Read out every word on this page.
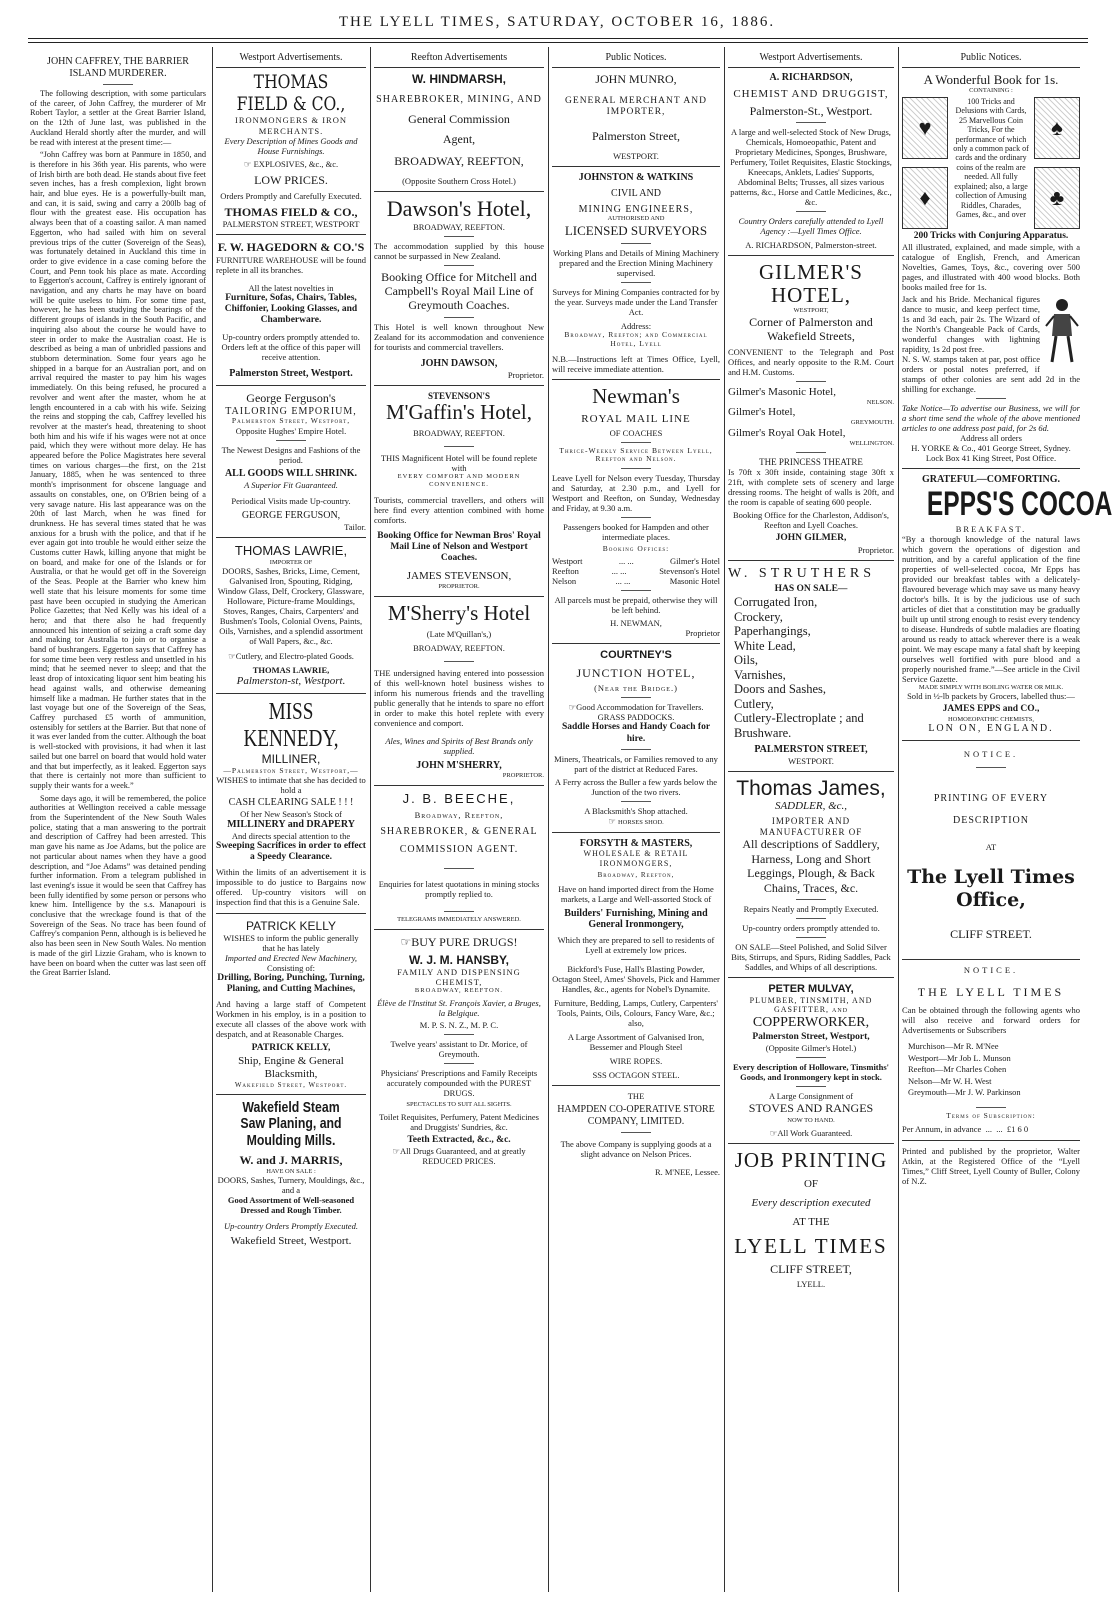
THE LYELL TIMES, SATURDAY, OCTOBER 16, 1886.
JOHN CAFFREY, THE BARRIER ISLAND MURDERER.

The following description, with some particulars of the career, of John Caffrey, the murderer of Mr Robert Taylor, a settler at the Great Barrier Island, on the 12th of June last, was published in the Auckland Herald shortly after the murder, and will be read with interest at the present time:—

“John Caffrey was born at Panmure in 1850, and is therefore in his 36th year. His parents, who were of Irish birth are both dead. He stands about five feet seven inches, has a fresh complexion, light brown hair, and blue eyes. He is a powerfully-built man, and can, it is said, swing and carry a 200lb bag of flour with the greatest ease. His occupation has always been that of a coasting sailor. A man named Eggerton, who had sailed with him on several previous trips of the cutter (Sovereign of the Seas), was fortunately detained in Auckland this time in order to give evidence in a case coming before the Court, and Penn took his place as mate. According to Eggerton's account, Caffrey is entirely ignorant of navigation, and any charts he may have on board will be quite useless to him. For some time past, however, he has been studying the bearings of the different groups of islands in the South Pacific, and inquiring also about the course he would have to steer in order to make the Australian coast. He is described as being a man of unbridled passions and stubborn determination. Some four years ago he shipped in a barque for an Australian port, and on arrival required the master to pay him his wages immediately. On this being refused, he procured a revolver and went after the master, whom he at length encountered in a cab with his wife. Seizing the reins and stopping the cab, Caffrey levelled his revolver at the master's head, threatening to shoot both him and his wife if his wages were not at once paid, which they were without more delay. He has appeared before the Police Magistrates here several times on various charges—the first, on the 21st January, 1885, when he was sentenced to three month's imprisonment for obscene language and assaults on constables, one, on O'Brien being of a very savage nature. His last appearance was on the 20th of last March, when he was fined for drunkness. He has several times stated that he was anxious for a brush with the police, and that if he ever again got into trouble he would either seize the Customs cutter Hawk, killing anyone that might be on board, and make for one of the Islands or for Australia, or that he would get off in the Sovereign of the Seas. People at the Barrier who knew him well state that his leisure moments for some time past have been occupied in studying the American Police Gazettes; that Ned Kelly was his ideal of a hero; and that there also he had frequently announced his intention of seizing a craft some day and making tor Australia to join or to organise a band of bushrangers. Eggerton says that Caffrey has for some time been very restless and unsettled in his mind; that he seemed never to sleep; and that the least drop of intoxicating liquor sent him beating his head against walls, and otherwise demeaning himself like a madman. He further states that in the last voyage but one of the Sovereign of the Seas, Caffrey purchased £5 worth of ammunition, ostensibly for settlers at the Barrier. But that none of it was ever landed from the cutter. Although the boat is well-stocked with provisions, it had when it last sailed but one barrel on board that would hold water and that but imperfectly, as it leaked. Eggerton says that there is certainly not more than sufficient to supply their wants for a week.”

Some days ago, it will be remembered, the police authorities at Wellington received a cable message from the Superintendent of the New South Wales police, stating that a man answering to the portrait and description of Caffrey had been arrested. This man gave his name as Joe Adams, but the police are not particular about names when they have a good description, and “Joe Adams” was detained pending further information. From a telegram published in last evening's issue it would be seen that Caffrey has been fully identified by some person or persons who knew him. Intelligence by the s.s. Manapouri is conclusive that the wreckage found is that of the Sovereign of the Seas. No trace has been found of Caffrey's companion Penn, although is is believed he also has been seen in New South Wales. No mention is made of the girl Lizzie Graham, who is known to have been on board when the cutter was last seen off the Great Barrier Island.

Westport Advertisements.
THOMAS FIELD & CO.,
IRONMONGERS & IRON MERCHANTS.
Every Description of Mines Goods and House Furnishings.
☞ EXPLOSIVES, &c., &c.
LOW PRICES.
Orders Promptly and Carefully Executed.
THOMAS FIELD & CO.,
PALMERSTON STREET, WESTPORT
F. W. HAGEDORN & CO.'S
FURNITURE WAREHOUSE will be found replete in all its branches.
All the latest novelties in
Furniture, Sofas, Chairs, Tables, Chiffonier, Looking Glasses, and Chamberware.
Up-country orders promptly attended to. Orders left at the office of this paper will receive attention.
Palmerston Street, Westport.
George Ferguson's
TAILORING EMPORIUM,
Palmerston Street, Westport,
Opposite Hughes' Empire Hotel.
The Newest Designs and Fashions of the period.
ALL GOODS WILL SHRINK.
A Superior Fit Guaranteed.
Periodical Visits made Up-country.
GEORGE FERGUSON,
Tailor.
THOMAS LAWRIE,
IMPORTER OF
DOORS, Sashes, Bricks, Lime, Cement, Galvanised Iron, Spouting, Ridging, Window Glass, Delf, Crockery, Glassware, Holloware, Picture-frame Mouldings, Stoves, Ranges, Chairs, Carpenters' and Bushmen's Tools, Colonial Ovens, Paints, Oils, Varnishes, and a splendid assortment of Wall Papers, &c., &c.
☞Cutlery, and Electro-plated Goods.
THOMAS LAWRIE,
Palmerston-st, Westport.
MISS KENNEDY,
MILLINER,
—Palmerston Street, Westport,—
WISHES to intimate that she has decided to hold a
CASH CLEARING SALE ! ! !
Of her New Season's Stock of
MILLINERY and DRAPERY
And directs special attention to the
Sweeping Sacrifices in order to effect a Speedy Clearance.
Within the limits of an advertisement it is impossible to do justice to Bargains now offered. Up-country visitors will on inspection find that this is a Genuine Sale.
PATRICK KELLY
WISHES to inform the public generally that he has lately
Imported and Erected New Machinery,
Consisting of:
Drilling, Boring, Punching, Turning, Planing, and Cutting Machines,
And having a large staff of Competent Workmen in his employ, is in a position to execute all classes of the above work with despatch, and at Reasonable Charges.
PATRICK KELLY,
Ship, Engine & General Blacksmith,
Wakefield Street, Westport.
Wakefield Steam Saw Planing, and Moulding Mills.
W. and J. MARRIS,
HAVE ON SALE :
DOORS, Sashes, Turnery, Mouldings, &c., and a
Good Assortment of Well-seasoned Dressed and Rough Timber.
Up-country Orders Promptly Executed.
Wakefield Street, Westport.
Reefton Advertisements
W. HINDMARSH,
SHAREBROKER, MINING, AND
General Commission
Agent,
BROADWAY, REEFTON,
(Opposite Southern Cross Hotel.)
Dawson's Hotel,
BROADWAY, REEFTON.
The accommodation supplied by this house cannot be surpassed in New Zealand.
Booking Office for Mitchell and Campbell's Royal Mail Line of Greymouth Coaches.
This Hotel is well known throughout New Zealand for its accommodation and convenience for tourists and commercial travellers.
JOHN DAWSON,
Proprietor.
STEVENSON'S
M'Gaffin's Hotel,
BROADWAY, REEFTON.
THIS Magnificent Hotel will be found replete with
EVERY COMFORT AND MODERN CONVENIENCE.
Tourists, commercial travellers, and others will here find every attention combined with home comforts.
Booking Office for Newman Bros' Royal Mail Line of Nelson and Westport Coaches.
JAMES STEVENSON,
PROPRIETOR.
M'Sherry's Hotel
(Late M'Quillan's,)
BROADWAY, REEFTON.
THE undersigned having entered into possession of this well-known hotel business wishes to inform his numerous friends and the travelling public generally that he intends to spare no effort in order to make this hotel replete with every convenience and comport.
Ales, Wines and Spirits of Best Brands only supplied.
JOHN M'SHERRY,
PROPRIETOR.
J. B. BEECHE,
Broadway, Reefton,
SHAREBROKER, & GENERAL
COMMISSION AGENT.
Enquiries for latest quotations in mining stocks promptly replied to.
TELEGRAMS IMMEDIATELY ANSWERED.
☞BUY PURE DRUGS!
W. J. M. HANSBY,
FAMILY AND DISPENSING CHEMIST,
BROADWAY, REEFTON.
Élève de l'Institut St. François Xavier, a Bruges, la Belgique.
M. P. S. N. Z., M. P. C.
Twelve years' assistant to Dr. Morice, of Greymouth.
Physicians' Prescriptions and Family Receipts accurately compounded with the PUREST DRUGS.
SPECTACLES TO SUIT ALL SIGHTS.
Toilet Requisites, Perfumery, Patent Medicines and Druggists' Sundries, &c.
Teeth Extracted, &c., &c.
☞All Drugs Guaranteed, and at greatly REDUCED PRICES.
Public Notices.
JOHN MUNRO,
GENERAL MERCHANT AND IMPORTER,
Palmerston Street,
WESTPORT.
JOHNSTON & WATKINS
CIVIL AND
MINING ENGINEERS,
AUTHORISED AND
LICENSED SURVEYORS
Working Plans and Details of Mining Machinery prepared and the Erection Mining Machinery supervised.
Surveys for Mining Companies contracted for by the year. Surveys made under the Land Transfer Act.
Address:
Broadway, Reefton; and Commercial Hotel, Lyell
N.B.—Instructions left at Times Office, Lyell, will receive immediate attention.
Newman's
ROYAL MAIL LINE
OF COACHES
Thrice-Weekly Service Between Lyell, Reefton and Nelson.
Leave Lyell for Nelson every Tuesday, Thursday and Saturday, at 2.30 p.m., and Lyell for Westport and Reefton, on Sunday, Wednesday and Friday, at 9.30 a.m.
Passengers booked for Hampden and other intermediate places.
Booking Offices:
Westport	... ...	Gilmer's Hotel
Reefton	... ...	Stevenson's Hotel
Nelson	... ...	Masonic Hotel
All parcels must be prepaid, otherwise they will be left behind.
H. NEWMAN,
Proprietor
COURTNEY'S
JUNCTION HOTEL,
(Near the Bridge.)
☞Good Accommodation for Travellers.
GRASS PADDOCKS.
Saddle Horses and Handy Coach for hire.
Miners, Theatricals, or Families removed to any part of the district at Reduced Fares.
A Ferry across the Buller a few yards below the Junction of the two rivers.
A Blacksmith's Shop attached.
☞ HORSES SHOD.
FORSYTH & MASTERS,
WHOLESALE & RETAIL IRONMONGERS,
Broadway, Reefton,
Have on hand imported direct from the Home markets, a Large and Well-assorted Stock of
Builders' Furnishing, Mining and General Ironmongery,
Which they are prepared to sell to residents of Lyell at extremely low prices.
Bickford's Fuse, Hall's Blasting Powder, Octagon Steel, Ames' Shovels, Pick and Hammer Handles, &c., agents for Nobel's Dynamite.
Furniture, Bedding, Lamps, Cutlery, Carpenters' Tools, Paints, Oils, Colours, Fancy Ware, &c.; also,
A Large Assortment of Galvanised Iron, Bessemer and Plough Steel
WIRE ROPES.
SSS OCTAGON STEEL.
THE
HAMPDEN CO-OPERATIVE STORE COMPANY, LIMITED.
The above Company is supplying goods at a slight advance on Nelson Prices.
R. M'NEE, Lessee.
Westport Advertisements.
A. RICHARDSON,
CHEMIST AND DRUGGIST,
Palmerston-St., Westport.
A large and well-selected Stock of New Drugs, Chemicals, Homoeopathic, Patent and Proprietary Medicines, Sponges, Brushware, Perfumery, Toilet Requisites, Elastic Stockings, Kneecaps, Anklets, Ladies' Supports, Abdominal Belts; Trusses, all sizes various patterns, &c., Horse and Cattle Medicines, &c., &c.
Country Orders carefully attended to Lyell Agency :—Lyell Times Office.
A. RICHARDSON, Palmerston-street.
GILMER'S HOTEL,
WESTPORT,
Corner of Palmerston and Wakefield Streets,
CONVENIENT to the Telegraph and Post Offices, and nearly opposite to the R.M. Court and H.M. Customs.
Gilmer's Masonic Hotel,
NELSON.
Gilmer's Hotel,
GREYMOUTH.
Gilmer's Royal Oak Hotel,
WELLINGTON.
THE PRINCESS THEATRE
Is 70ft x 30ft inside, containing stage 30ft x 21ft, with complete sets of scenery and large dressing rooms. The height of walls is 20ft, and the room is capable of seating 600 people.
Booking Office for the Charleston, Addison's, Reefton and Lyell Coaches.
JOHN GILMER,
Proprietor.
W. STRUTHERS
HAS ON SALE—
Corrugated Iron,
Crockery,
Paperhangings,
White Lead,
Oils,
Varnishes,
Doors and Sashes,
Cutlery,
Cutlery-Electroplate ; and
Brushware.
PALMERSTON STREET,
WESTPORT.
Thomas James,
SADDLER, &c.,
IMPORTER AND MANUFACTURER OF
All descriptions of Saddlery, Harness, Long and Short Leggings, Plough, & Back Chains, Traces, &c.
Repairs Neatly and Promptly Executed.
Up-country orders promptly attended to.
ON SALE—Steel Polished, and Solid Silver Bits, Stirrups, and Spurs, Riding Saddles, Pack Saddles, and Whips of all descriptions.
PETER MULVAY,
PLUMBER, TINSMITH, AND GASFITTER, and
COPPERWORKER,
Palmerston Street, Westport,
(Opposite Gilmer's Hotel.)
Every description of Holloware, Tinsmiths' Goods, and Ironmongery kept in stock.
A Large Consignment of
STOVES AND RANGES
NOW TO HAND.
☞All Work Guaranteed.
JOB PRINTING
OF
Every description executed
AT THE
LYELL TIMES
CLIFF STREET,
LYELL.
Public Notices.
A Wonderful Book for 1s.
CONTAINING :
♥
♦
100 Tricks and Delusions with Cards, 25 Marvellous Coin Tricks, For the performance of which only a common pack of cards and the ordinary coins of the realm are needed. All fully explained; also, a large collection of Amusing Riddles, Charades, Games, &c., and over
♠
♣
200 Tricks with Conjuring Apparatus.
All illustrated, explained, and made simple, with a catalogue of English, French, and American Novelties, Games, Toys, &c., covering over 500 pages, and illustrated with 400 wood blocks. Both books mailed free for 1s.
Jack and his Bride. Mechanical figures dance to music, and keep perfect time, 1s and 3d each, pair 2s. The Wizard of the North's Changeable Pack of Cards, wonderful changes with lightning rapidity, 1s 2d post free.
N. S. W. stamps taken at par, post office orders or postal notes preferred, if stamps of other colonies are sent add 2d in the shilling for exchange.
Take Notice—To advertise our Business, we will for a short time send the whole of the above mentioned articles to one address post paid, for 2s 6d.
Address all orders
H. YORKE & Co., 401 George Street, Sydney.
Lock Box 41 King Street, Post Office.
GRATEFUL—COMFORTING.
EPPS'S COCOA
BREAKFAST.
“By a thorough knowledge of the natural laws which govern the operations of digestion and nutrition, and by a careful application of the fine properties of well-selected cocoa, Mr Epps has provided our breakfast tables with a delicately-flavoured beverage which may save us many heavy doctor's bills. It is by the judicious use of such articles of diet that a constitution may be gradually built up until strong enough to resist every tendency to disease. Hundreds of subtle maladies are floating around us ready to attack wherever there is a weak point. We may escape many a fatal shaft by keeping ourselves well fortified with pure blood and a properly nourished frame.”—See article in the Civil Service Gazette.
MADE SIMPLY WITH BOILING WATER OR MILK.
Sold in ½-lb packets by Grocers, labelled thus:—
JAMES EPPS and CO.,
HOMOEOPATHIC CHEMISTS,
LON ON, ENGLAND.
NOTICE.
PRINTING OF EVERY DESCRIPTION
AT
The Lyell Times Office,
CLIFF STREET.
NOTICE.
THE LYELL TIMES
Can be obtained through the following agents who will also receive and forward orders for Advertisements or Subscribers
Murchison—Mr R. M'Nee
Westport—Mr Job L. Munson
Reefton—Mr Charles Cohen
Nelson—Mr W. H. West
Greymouth—Mr J. W. Parkinson
Terms of Subscription:
Per Annum, in advance  ...  ...  £1 6 0
Printed and published by the proprietor, Walter Atkin, at the Registered Office of the “Lyell Times,” Cliff Street, Lyell County of Buller, Colony of N.Z.
